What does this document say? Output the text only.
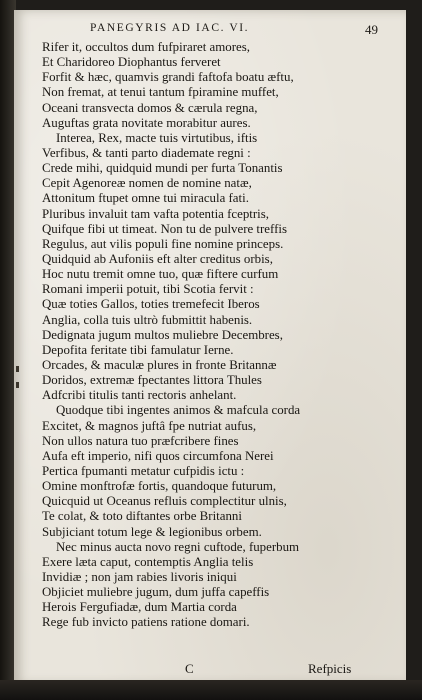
PANEGYRIS AD IAC. VI.	49
Rifer it, occultos dum fufpiraret amores,
Et Charidoreo Diophantus ferveret
Forfit & hæc, quamvis grandi faftofa boatu æftu,
Non fremat, at tenui tantum fpiramine muffet,
Oceani transvecta domos & cærula regna,
Auguftas grata novitate morabitur aures.
Interea, Rex, macte tuis virtutibus, iftis
Verfibus, & tanti parto diademate regni :
Crede mihi, quidquid mundi per furta Tonantis
Cepit Agenoreæ nomen de nomine natæ,
Attonitum ftupet omne tui miracula fati.
Pluribus invaluit tam vafta potentia fceptris,
Quifque fibi ut timeat. Non tu de pulvere treffis
Regulus, aut vilis populi fine nomine princeps.
Quidquid ab Aufoniis eft alter creditus orbis,
Hoc nutu tremit omne tuo, quæ fiftere curfum
Romani imperii potuit, tibi Scotia fervit :
Quæ toties Gallos, toties tremefecit Iberos
Anglia, colla tuis ultrò fubmittit habenis.
Dedignata jugum multos muliebre Decembres,
Depofita feritate tibi famulatur Ierne.
Orcades, & maculæ plures in fronte Britannæ
Doridos, extremæ fpectantes littora Thules
Adfcribi titulis tanti rectoris anhelant.
Quodque tibi ingentes animos & mafcula corda
Excitet, & magnos juftâ fpe nutriat aufus,
Non ullos natura tuo præfcribere fines
Aufa eft imperio, nifi quos circumfona Nerei
Pertica fpumanti metatur cufpidis ictu :
Omine monftrofæ fortis, quandoque futurum,
Quicquid ut Oceanus refluis complectitur ulnis,
Te colat, & toto diftantes orbe Britanni
Subjiciant totum lege & legionibus orbem.
Nec minus aucta novo regni cuftode, fuperbum
Exere læta caput, contemptis Anglia telis
Invidiæ ; non jam rabies livoris iniqui
Objiciet muliebre jugum, dum juffa capeffis
Herois Fergufiadæ, dum Martia corda
Rege fub invicto patiens ratione domari.
C	Refpicis
